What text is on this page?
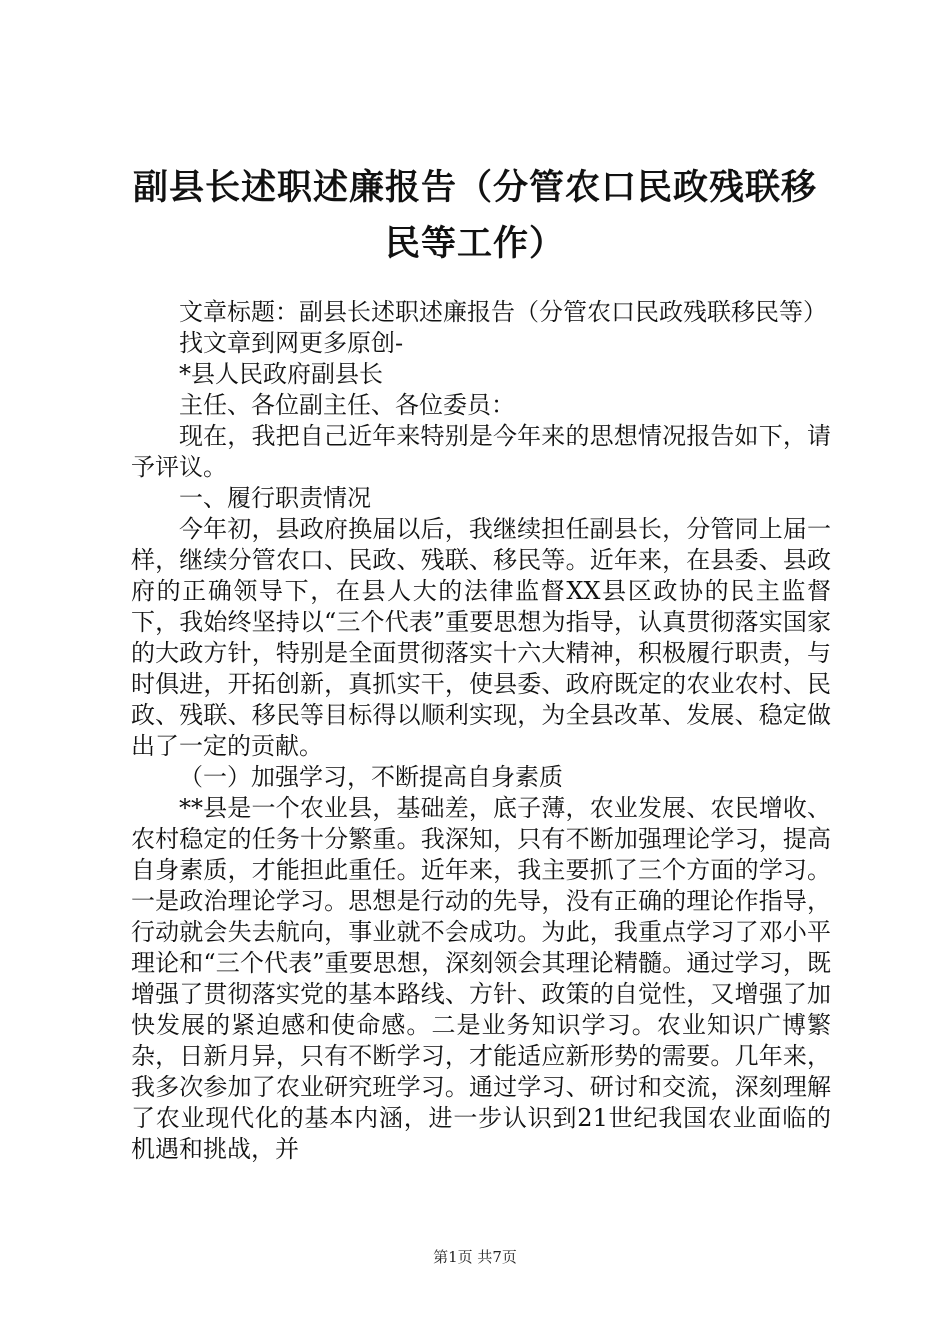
副县长述职述廉报告（分管农口民政残联移民等工作）

文章标题：副县长述职述廉报告（分管农口民政残联移民等）

找文章到网更多原创-

*县人民政府副县长

主任、各位副主任、各位委员：

现在，我把自己近年来特别是今年来的思想情况报告如下，请予评议。

一、履行职责情况

今年初，县政府换届以后，我继续担任副县长，分管同上届一样，继续分管农口、民政、残联、移民等。近年来，在县委、县政府的正确领导下，在县人大的法律监督XX县区政协的民主监督下，我始终坚持以“三个代表”重要思想为指导，认真贯彻落实国家的大政方针，特别是全面贯彻落实十六大精神，积极履行职责，与时俱进，开拓创新，真抓实干，使县委、政府既定的农业农村、民政、残联、移民等目标得以顺利实现，为全县改革、发展、稳定做出了一定的贡献。

（一）加强学习，不断提高自身素质

**县是一个农业县，基础差，底子薄，农业发展、农民增收、农村稳定的任务十分繁重。我深知，只有不断加强理论学习，提高自身素质，才能担此重任。近年来，我主要抓了三个方面的学习。一是政治理论学习。思想是行动的先导，没有正确的理论作指导，行动就会失去航向，事业就不会成功。为此，我重点学习了邓小平理论和“三个代表”重要思想，深刻领会其理论精髓。通过学习，既增强了贯彻落实党的基本路线、方针、政策的自觉性，又增强了加快发展的紧迫感和使命感。二是业务知识学习。农业知识广博繁杂，日新月异，只有不断学习，才能适应新形势的需要。几年来，我多次参加了农业研究班学习。通过学习、研讨和交流，深刻理解了农业现代化的基本内涵，进一步认识到21世纪我国农业面临的机遇和挑战，并

第1页 共7页
